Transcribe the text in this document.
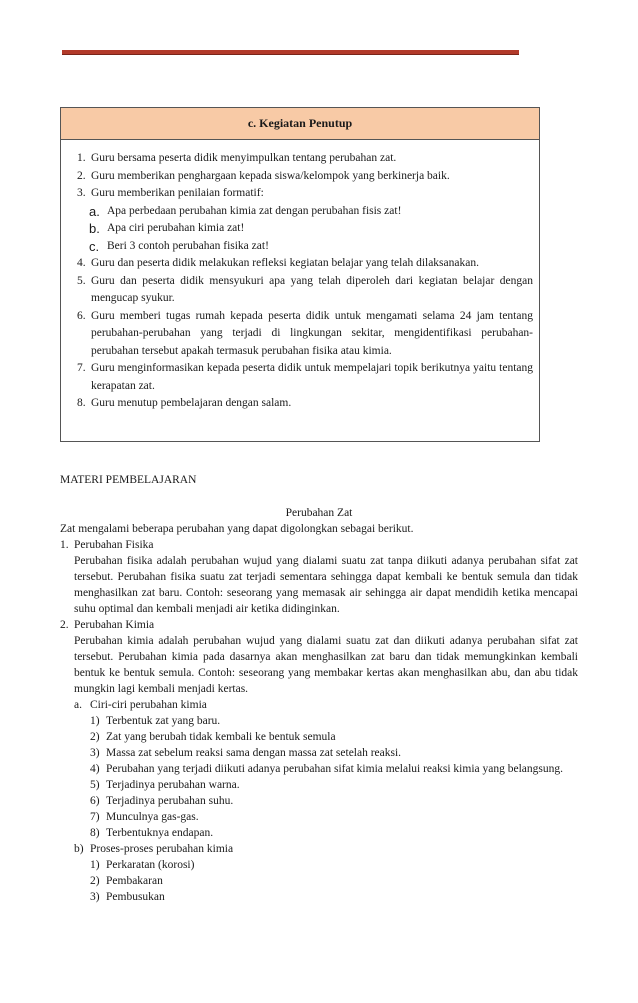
c. Kegiatan Penutup
1. Guru bersama peserta didik menyimpulkan tentang perubahan zat.
2. Guru memberikan penghargaan kepada siswa/kelompok yang berkinerja baik.
3. Guru memberikan penilaian formatif:
a. Apa perbedaan perubahan kimia zat dengan perubahan fisis zat!
b. Apa ciri perubahan kimia zat!
c. Beri 3 contoh perubahan fisika zat!
4. Guru dan peserta didik melakukan refleksi kegiatan belajar yang telah dilaksanakan.
5. Guru dan peserta didik mensyukuri apa yang telah diperoleh dari kegiatan belajar dengan mengucap syukur.
6. Guru memberi tugas rumah kepada peserta didik untuk mengamati selama 24 jam tentang perubahan-perubahan yang terjadi di lingkungan sekitar, mengidentifikasi perubahan-perubahan tersebut apakah termasuk perubahan fisika atau kimia.
7. Guru menginformasikan kepada peserta didik untuk mempelajari topik berikutnya yaitu tentang kerapatan zat.
8. Guru menutup pembelajaran dengan salam.
MATERI PEMBELAJARAN
Perubahan Zat
Zat mengalami beberapa perubahan yang dapat digolongkan sebagai berikut.
1. Perubahan Fisika
Perubahan fisika adalah perubahan wujud yang dialami suatu zat tanpa diikuti adanya perubahan sifat zat tersebut. Perubahan fisika suatu zat terjadi sementara sehingga dapat kembali ke bentuk semula dan tidak menghasilkan zat baru. Contoh: seseorang yang memasak air sehingga air dapat mendidih ketika mencapai suhu optimal dan kembali menjadi air ketika didinginkan.
2. Perubahan Kimia
Perubahan kimia adalah perubahan wujud yang dialami suatu zat dan diikuti adanya perubahan sifat zat tersebut. Perubahan kimia pada dasarnya akan menghasilkan zat baru dan tidak memungkinkan kembali bentuk ke bentuk semula. Contoh: seseorang yang membakar kertas akan menghasilkan abu, dan abu tidak mungkin lagi kembali menjadi kertas.
a. Ciri-ciri perubahan kimia
1) Terbentuk zat yang baru.
2) Zat yang berubah tidak kembali ke bentuk semula
3) Massa zat sebelum reaksi sama dengan massa zat setelah reaksi.
4) Perubahan yang terjadi diikuti adanya perubahan sifat kimia melalui reaksi kimia yang belangsung.
5) Terjadinya perubahan warna.
6) Terjadinya perubahan suhu.
7) Munculnya gas-gas.
8) Terbentuknya endapan.
b) Proses-proses perubahan kimia
1) Perkaratan (korosi)
2) Pembakaran
3) Pembusukan
